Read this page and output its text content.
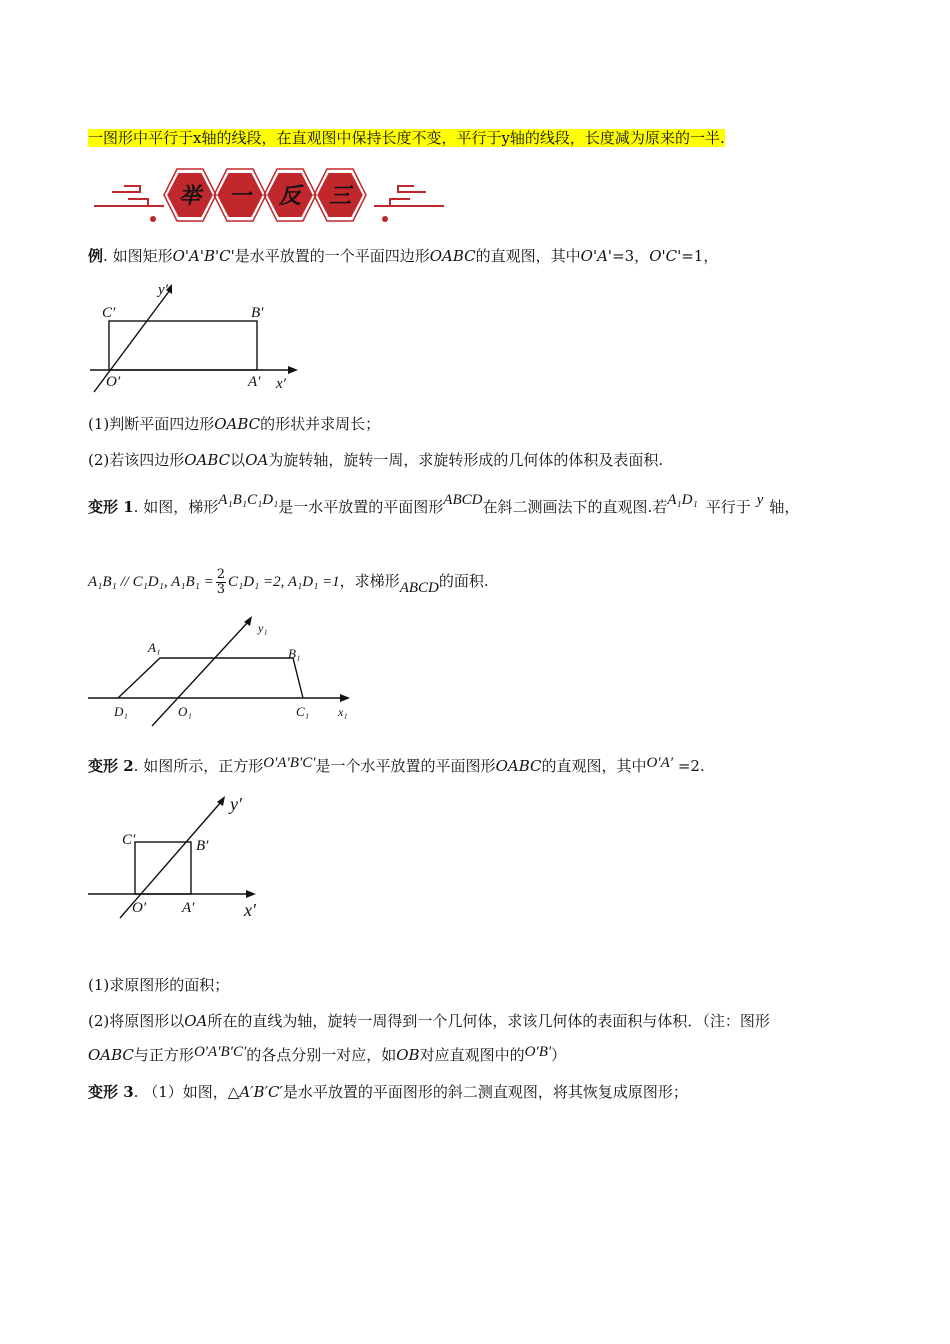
一图形中平行于x轴的线段，在直观图中保持长度不变，平行于y轴的线段，长度减为原来的一半.
举 一 反 三
例. 如图矩形O'A'B'C'是水平放置的一个平面四边形OABC的直观图，其中O'A'=3，O'C'=1，
C′	B′
O′	A′ x′
y′
(1)判断平面四边形OABC的形状并求周长；
(2)若该四边形OABC以OA为旋转轴，旋转一周，求旋转形成的几何体的体积及表面积.
变形 1. 如图，梯形A₁B₁C₁D₁是一水平放置的平面图形ABCD在斜二测画法下的直观图.若A₁D₁ 平行于 y 轴，
A₁B₁ // C₁D₁, $A_1B_1 = \frac{2}{3} C_1D_1 =2$, A₁D₁ =1，求梯形ABCD的面积.
A₁	B₁
D₁	O₁	C₁ x₁
y₁
变形 2. 如图所示，正方形O′A′B′C′是一个水平放置的平面图形OABC的直观图，其中O′A′ =2.
C′	B′
O′ A′	x′
y′
(1)求原图形的面积；
(2)将原图形以OA所在的直线为轴，旋转一周得到一个几何体，求该几何体的表面积与体积．（注：图形
OABC与正方形O′A′B′C′的各点分别一对应，如OB对应直观图中的O′B′）
变形 3. （1）如图，△A′B′C′是水平放置的平面图形的斜二测直观图，将其恢复成原图形；
